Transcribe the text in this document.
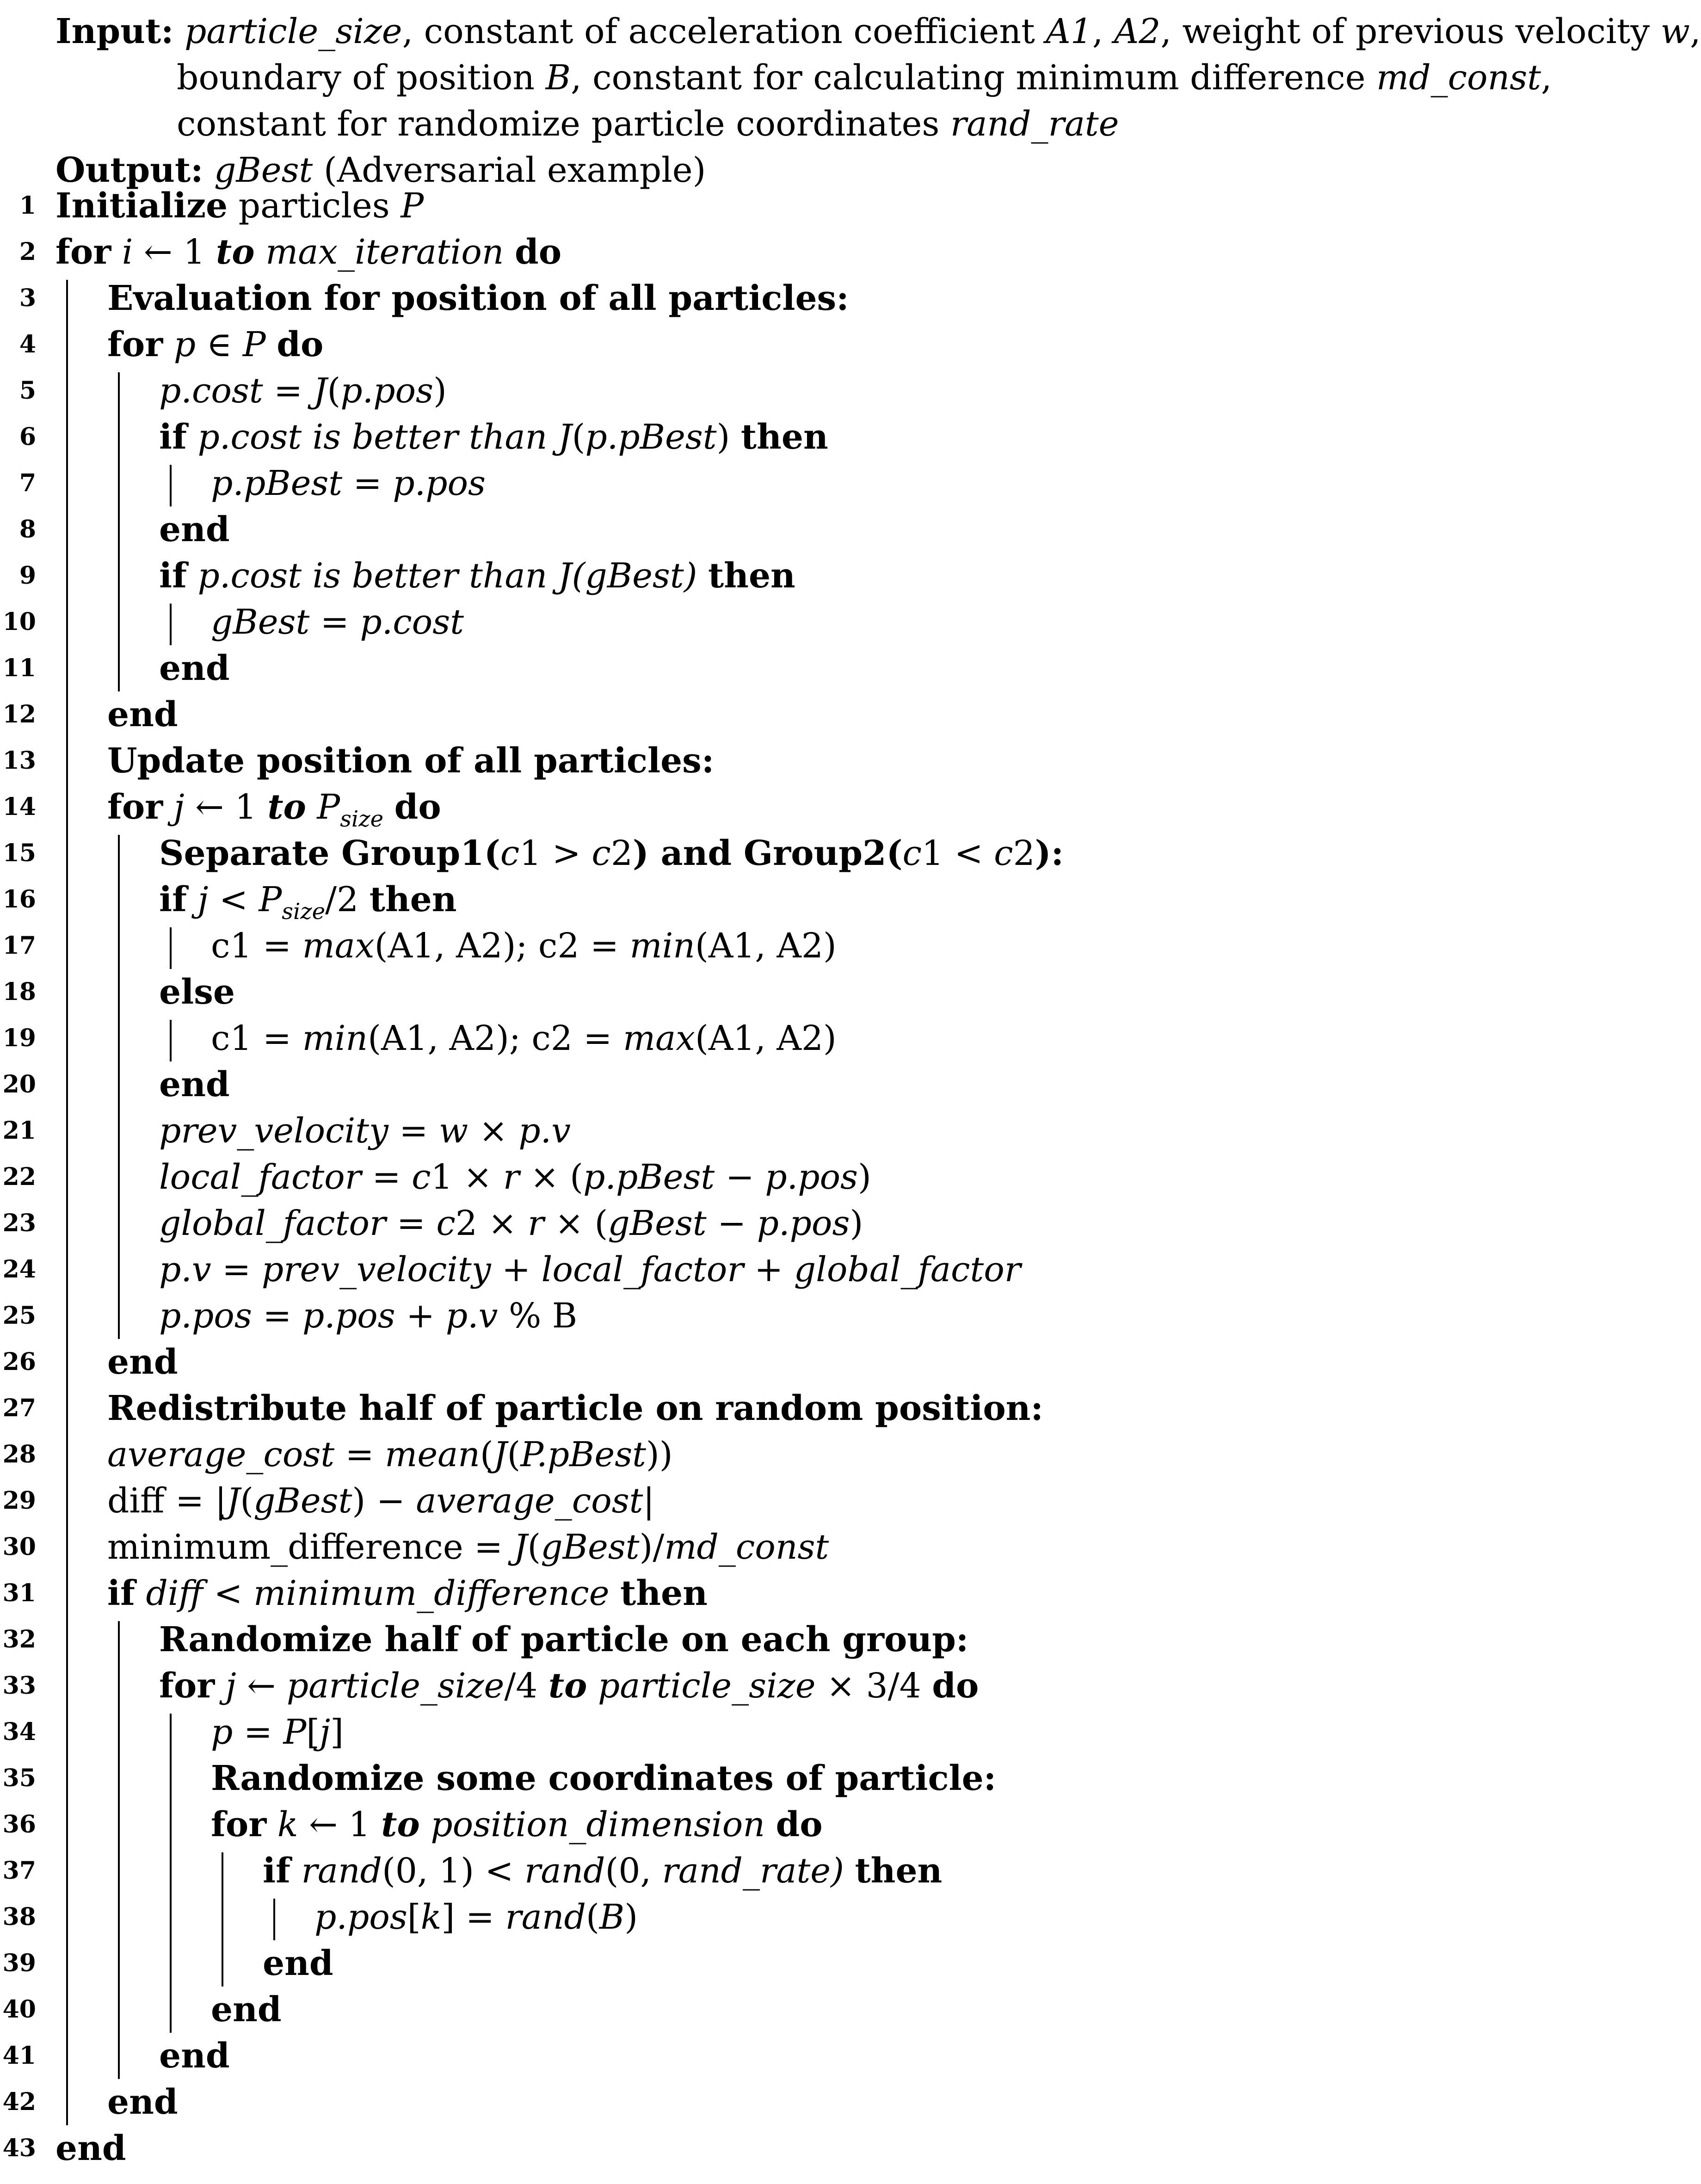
Input: particle_size, constant of acceleration coefficient A1, A2, weight of previous velocity w,
boundary of position B, constant for calculating minimum difference md_const,
constant for randomize particle coordinates rand_rate
Output: gBest (Adversarial example)
1 Initialize particles P
2 for i ← 1 to max_iteration do
3 Evaluation for position of all particles:
4 for p ∈ P do
5	p.cost = J(p.pos)
6	if p.cost is better than J(p.pBest) then
7	p.pBest = p.pos
8	end
9	if p.cost is better than J(gBest) then
10	gBest = p.cost
11	end
12 end
13 Update position of all particles:
14 for j ← 1 to $P_{size}$ do
15	Separate Group1(c1 > c2) and Group2(c1 < c2):
16	if $j < P_{size}/2$ then
17	c1 = max(A1, A2); c2 = min(A1, A2)
18	else
19	c1 = min(A1, A2); c2 = max(A1, A2)
20	end
21	prev_velocity = w × p.v
22	local_factor = c1 × r × (p.pBest − p.pos)
23	global_factor = c2 × r × (gBest − p.pos)
24	p.v = prev_velocity + local_factor + global_factor
25	p.pos = p.pos + p.v % B
26 end
27 Redistribute half of particle on random position:
28 average_cost = mean(J(P.pBest))
29 diff = |J(gBest) − average_cost|
30 minimum_difference = J(gBest)/md_const
31 if diff < minimum_difference then
32	Randomize half of particle on each group:
33	for j ← particle_size/4 to particle_size × 3/4 do
34	p = P[j]
35	Randomize some coordinates of particle:
36	for k ← 1 to position_dimension do
37	if rand(0, 1) < rand(0, rand_rate) then
38	p.pos[k] = rand(B)
39	end
40	end
41	end
42 end
43 end
